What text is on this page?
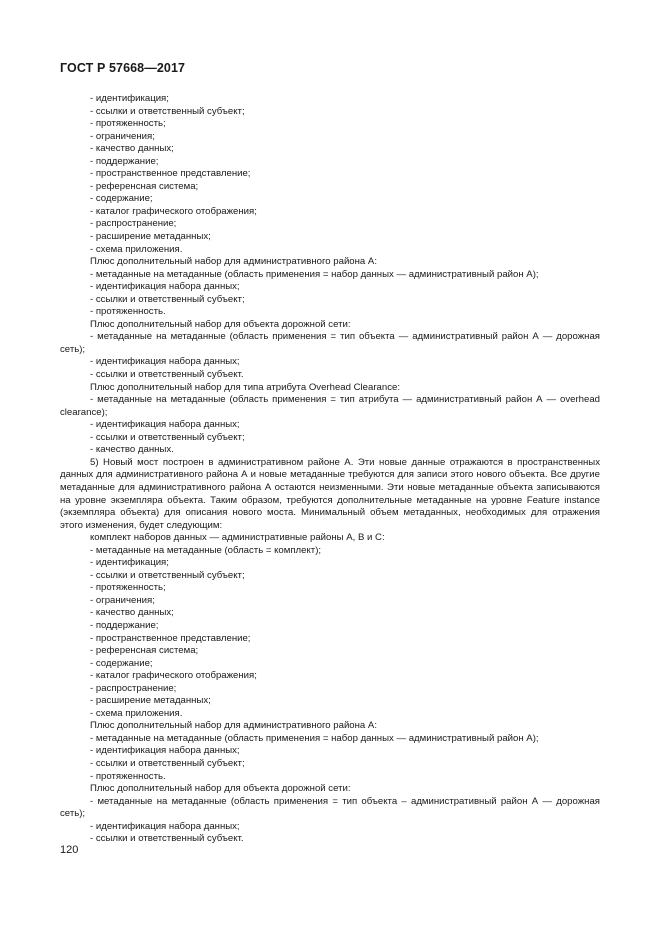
ГОСТ Р 57668—2017

- идентификация;

- ссылки и ответственный субъект;

- протяженность;

- ограничения;

- качество данных;

- поддержание;

- пространственное представление;

- референсная система;

- содержание;

- каталог графического отображения;

- распространение;

- расширение метаданных;

- схема приложения.

Плюс дополнительный набор для административного района А:

- метаданные на метаданные (область применения = набор данных — административный район А);

- идентификация набора данных;

- ссылки и ответственный субъект;

- протяженность.

Плюс дополнительный набор для объекта дорожной сети:

- метаданные на метаданные (область применения = тип объекта — административный район А — дорожная сеть);

- идентификация набора данных;

- ссылки и ответственный субъект.

Плюс дополнительный набор для типа атрибута Overhead Clearance:

- метаданные на метаданные (область применения = тип атрибута — административный район А — overhead clearance);

- идентификация набора данных;

- ссылки и ответственный субъект;

- качество данных.

5) Новый мост построен в административном районе А. Эти новые данные отражаются в пространственных данных для административного района А и новые метаданные требуются для записи этого нового объекта. Все другие метаданные для административного района А остаются неизменными. Эти новые метаданные объекта записываются на уровне экземпляра объекта. Таким образом, требуются дополнительные метаданные на уровне Feature instance (экземпляра объекта) для описания нового моста. Минимальный объем метаданных, необходимых для отражения этого изменения, будет следующим:

комплект наборов данных — административные районы А, В и С:

- метаданные на метаданные (область = комплект);

- идентификация;

- ссылки и ответственный субъект;

- протяженность;

- ограничения;

- качество данных;

- поддержание;

- пространственное представление;

- референсная система;

- содержание;

- каталог графического отображения;

- распространение;

- расширение метаданных;

- схема приложения.

Плюс дополнительный набор для административного района А:

- метаданные на метаданные (область применения = набор данных — административный район А);

- идентификация набора данных;

- ссылки и ответственный субъект;

- протяженность.

Плюс дополнительный набор для объекта дорожной сети:

- метаданные на метаданные (область применения = тип объекта – административный район А — дорожная сеть);

- идентификация набора данных;

- ссылки и ответственный субъект.

120
